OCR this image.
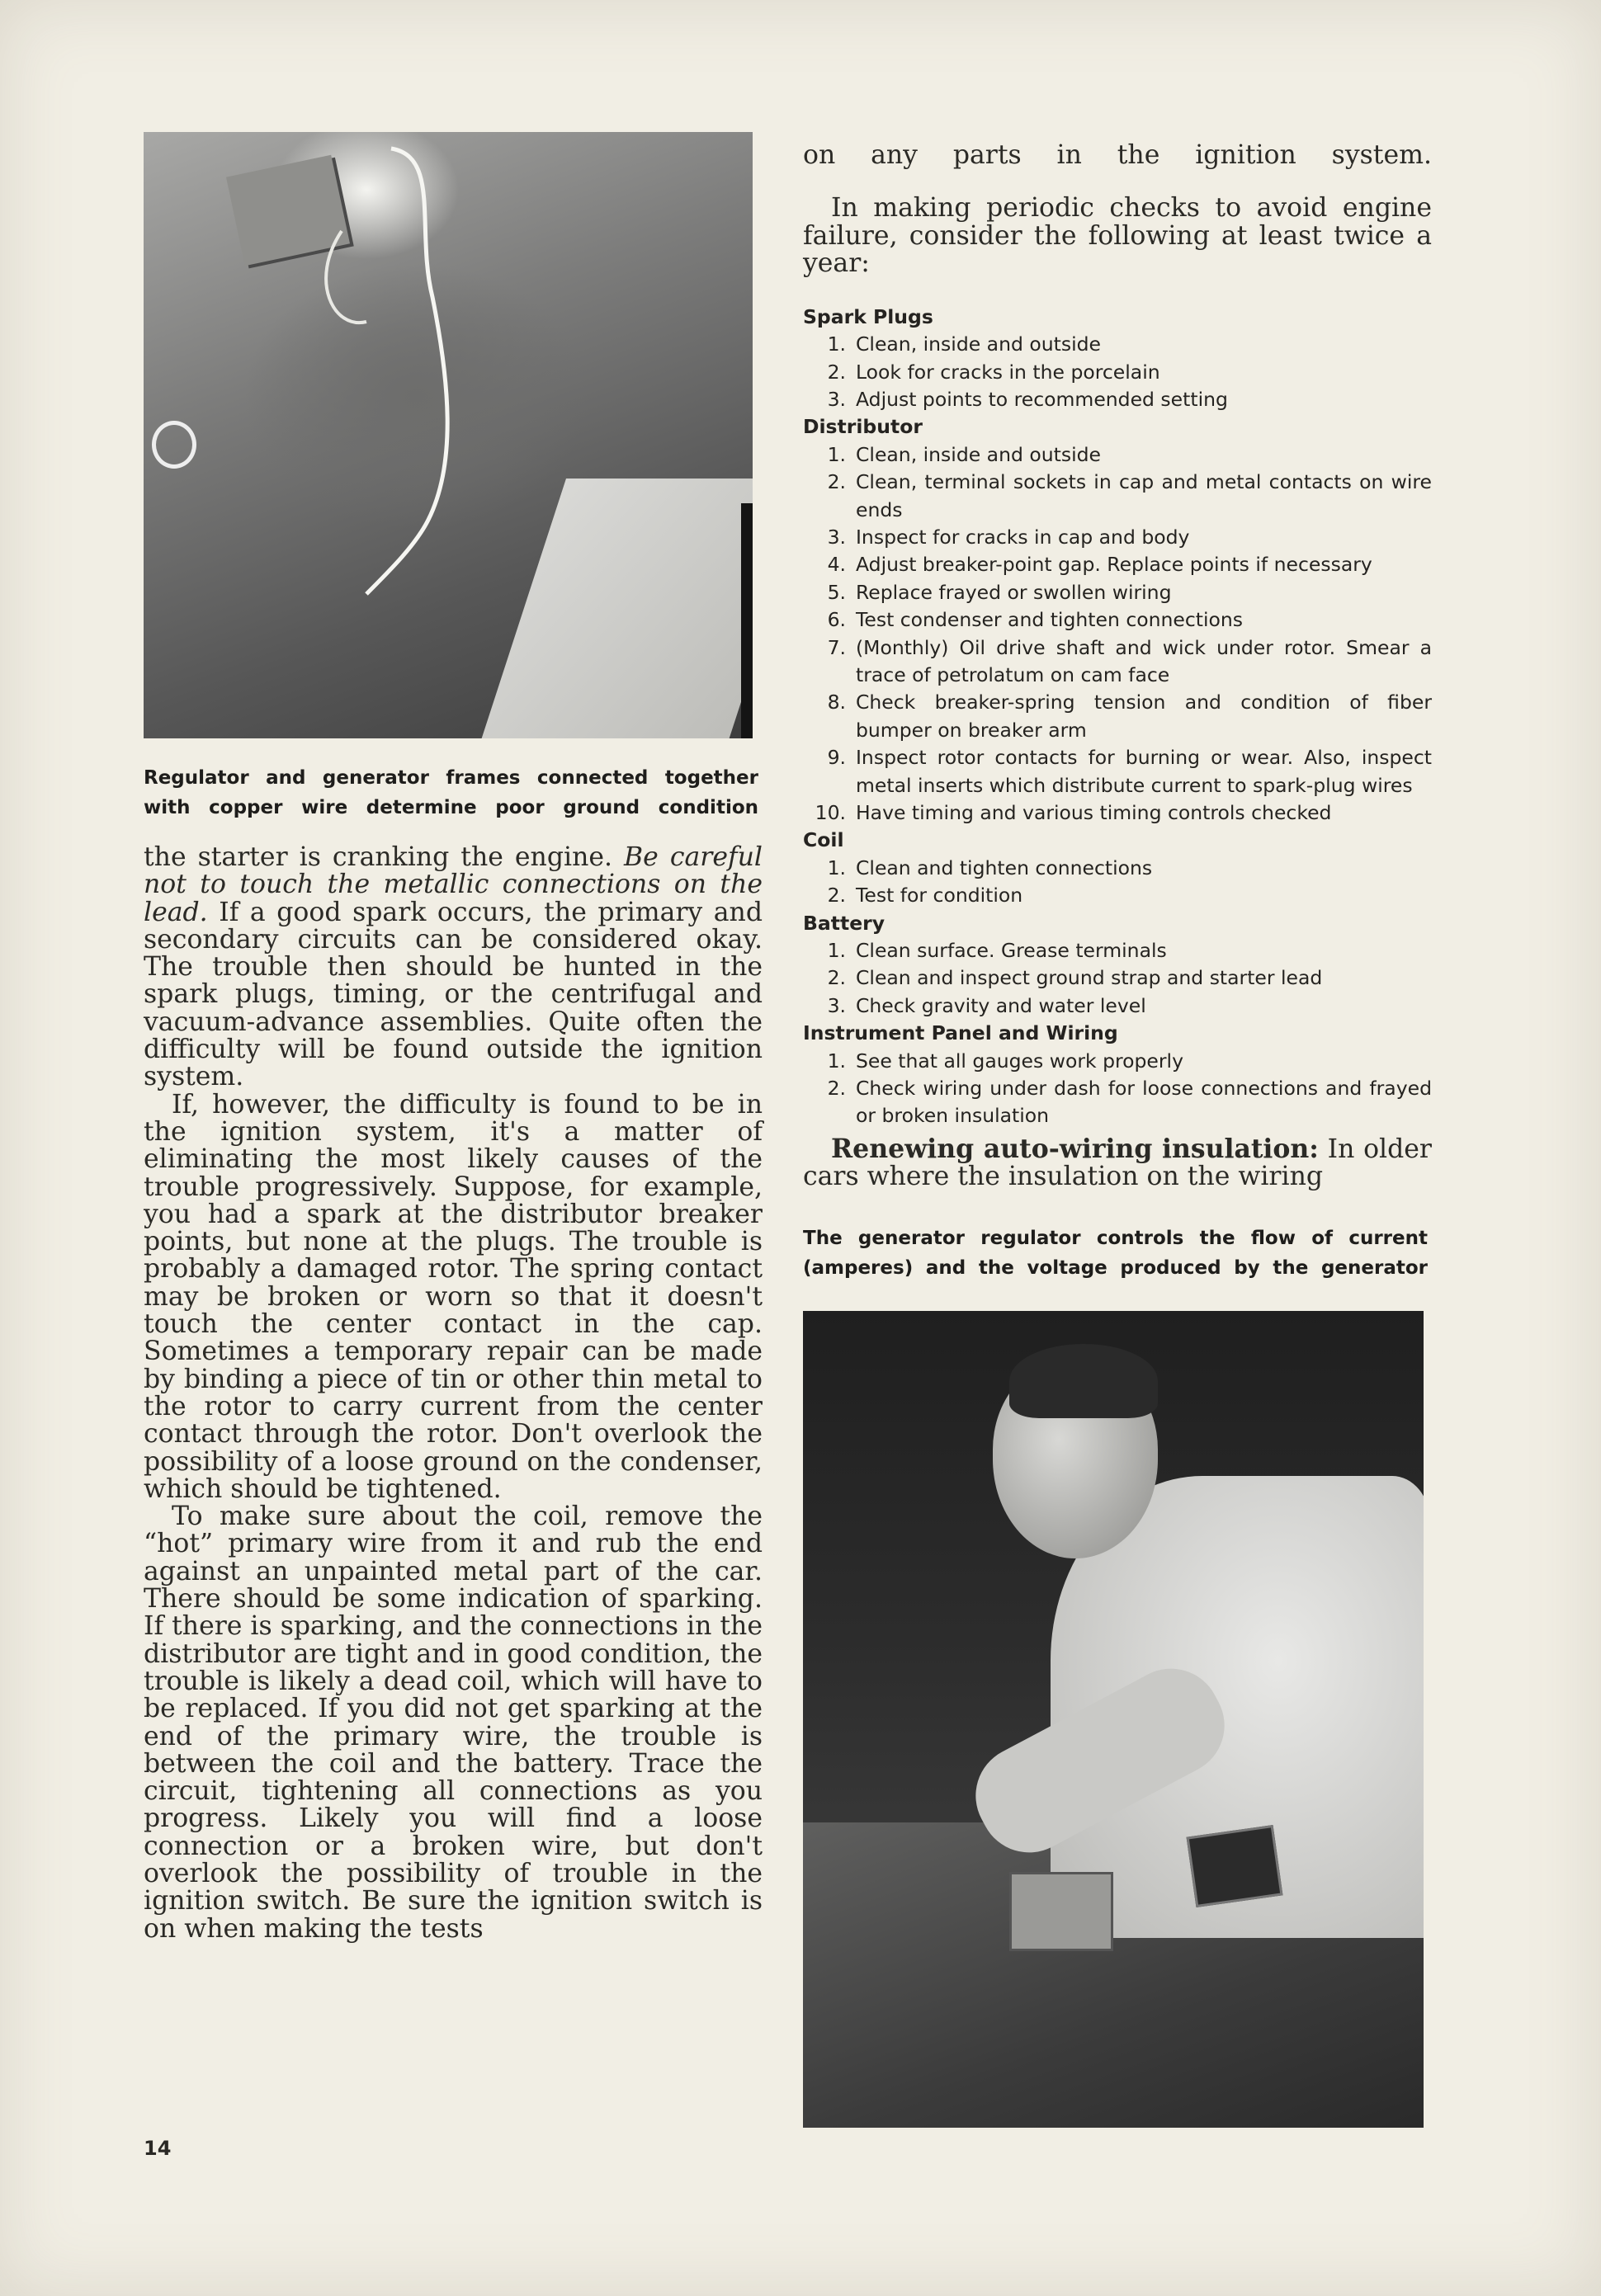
Regulator and generator frames connected together
with copper wire determine poor ground condition

the starter is cranking the engine. Be careful not to touch the metallic connections on the lead. If a good spark occurs, the primary and secondary circuits can be considered okay. The trouble then should be hunted in the spark plugs, timing, or the centrifugal and vacuum-advance assemblies. Quite often the difficulty will be found outside the ignition system.

If, however, the difficulty is found to be in the ignition system, it's a matter of eliminating the most likely causes of the trouble progressively. Suppose, for example, you had a spark at the distributor breaker points, but none at the plugs. The trouble is probably a damaged rotor. The spring contact may be broken or worn so that it doesn't touch the center contact in the cap. Sometimes a temporary repair can be made by binding a piece of tin or other thin metal to the rotor to carry current from the center contact through the rotor. Don't overlook the possibility of a loose ground on the condenser, which should be tightened.

To make sure about the coil, remove the “hot” primary wire from it and rub the end against an unpainted metal part of the car. There should be some indication of sparking. If there is sparking, and the connections in the distributor are tight and in good condition, the trouble is likely a dead coil, which will have to be replaced. If you did not get sparking at the end of the primary wire, the trouble is between the coil and the battery. Trace the circuit, tightening all connections as you progress. Likely you will find a loose connection or a broken wire, but don't overlook the possibility of trouble in the ignition switch. Be sure the ignition switch is on when making the tests

on any parts in the ignition system.

In making periodic checks to avoid engine failure, consider the following at least twice a year:

Spark Plugs
1. Clean, inside and outside
2. Look for cracks in the porcelain
3. Adjust points to recommended setting
Distributor
1. Clean, inside and outside
2. Clean, terminal sockets in cap and metal contacts on wire ends
3. Inspect for cracks in cap and body
4. Adjust breaker-point gap. Replace points if necessary
5. Replace frayed or swollen wiring
6. Test condenser and tighten connections
7. (Monthly) Oil drive shaft and wick under rotor. Smear a trace of petrolatum on cam face
8. Check breaker-spring tension and condition of fiber bumper on breaker arm
9. Inspect rotor contacts for burning or wear. Also, inspect metal inserts which distribute current to spark-plug wires
10. Have timing and various timing controls checked
Coil
1. Clean and tighten connections
2. Test for condition
Battery
1. Clean surface. Grease terminals
2. Clean and inspect ground strap and starter lead
3. Check gravity and water level
Instrument Panel and Wiring
1. See that all gauges work properly
2. Check wiring under dash for loose connections and frayed or broken insulation

Renewing auto-wiring insulation: In older cars where the insulation on the wiring

The generator regulator controls the flow of current
(amperes) and the voltage produced by the generator

14
